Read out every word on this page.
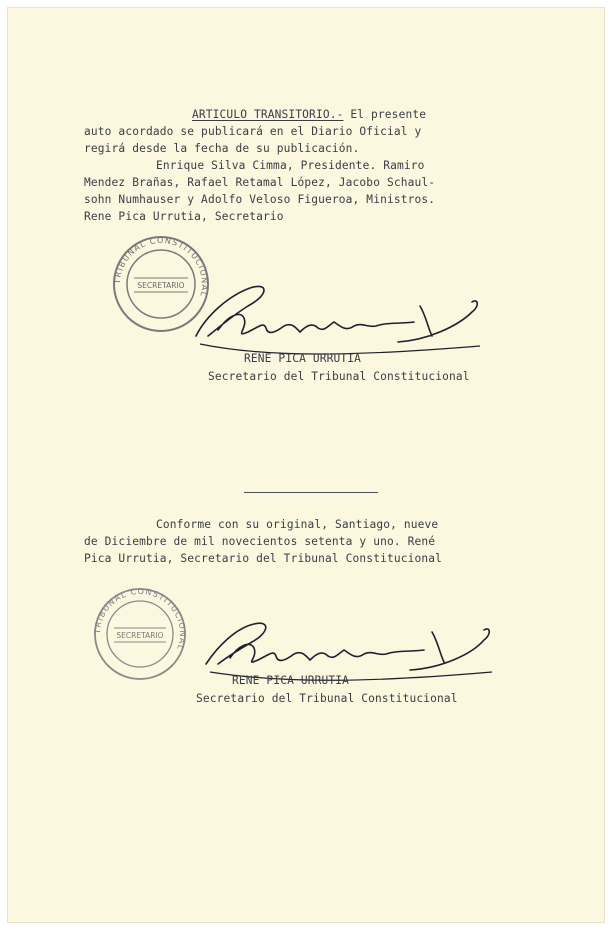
ARTICULO TRANSITORIO.- El presente
auto acordado se publicará en el Diario Oficial y
regirá desde la fecha de su publicación.
Enrique Silva Cimma, Presidente. Ramiro
Mendez Brañas, Rafael Retamal López, Jacobo Schaul-
sohn Numhauser y Adolfo Veloso Figueroa, Ministros.
Rene Pica Urrutia, Secretario
TRIBUNAL CONSTITUCIONAL
SECRETARIO
RENE PICA URRUTIA
Secretario del Tribunal Constitucional
Conforme con su original, Santiago, nueve
de Diciembre de mil novecientos setenta y uno. René
Pica Urrutia, Secretario del Tribunal Constitucional
TRIBUNAL CONSTITUCIONAL
SECRETARIO
RENE PICA URRUTIA
Secretario del Tribunal Constitucional
